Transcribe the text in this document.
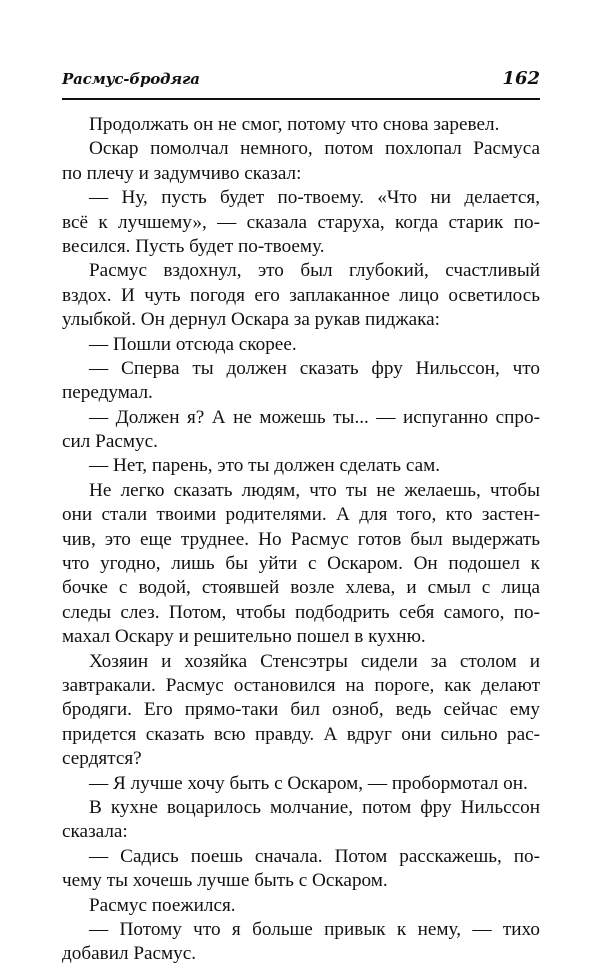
Расмус-бродяга	162
Продолжать он не смог, потому что снова заревел.
Оскар помолчал немного, потом похлопал Расмуса
по плечу и задумчиво сказал:
— Ну, пусть будет по-твоему. «Что ни делается,
всё к лучшему», — сказала старуха, когда старик по-
весился. Пусть будет по-твоему.
Расмус вздохнул, это был глубокий, счастливый
вздох. И чуть погодя его заплаканное лицо осветилось
улыбкой. Он дернул Оскара за рукав пиджака:
— Пошли отсюда скорее.
— Сперва ты должен сказать фру Нильссон, что
передумал.
— Должен я? А не можешь ты... — испуганно спро-
сил Расмус.
— Нет, парень, это ты должен сделать сам.
Не легко сказать людям, что ты не желаешь, чтобы
они стали твоими родителями. А для того, кто застен-
чив, это еще труднее. Но Расмус готов был выдержать
что угодно, лишь бы уйти с Оскаром. Он подошел к
бочке с водой, стоявшей возле хлева, и смыл с лица
следы слез. Потом, чтобы подбодрить себя самого, по-
махал Оскару и решительно пошел в кухню.
Хозяин и хозяйка Стенсэтры сидели за столом и
завтракали. Расмус остановился на пороге, как делают
бродяги. Его прямо-таки бил озноб, ведь сейчас ему
придется сказать всю правду. А вдруг они сильно рас-
сердятся?
— Я лучше хочу быть с Оскаром, — пробормотал он.
В кухне воцарилось молчание, потом фру Нильссон
сказала:
— Садись поешь сначала. Потом расскажешь, по-
чему ты хочешь лучше быть с Оскаром.
Расмус поежился.
— Потому что я больше привык к нему, — тихо
добавил Расмус.
